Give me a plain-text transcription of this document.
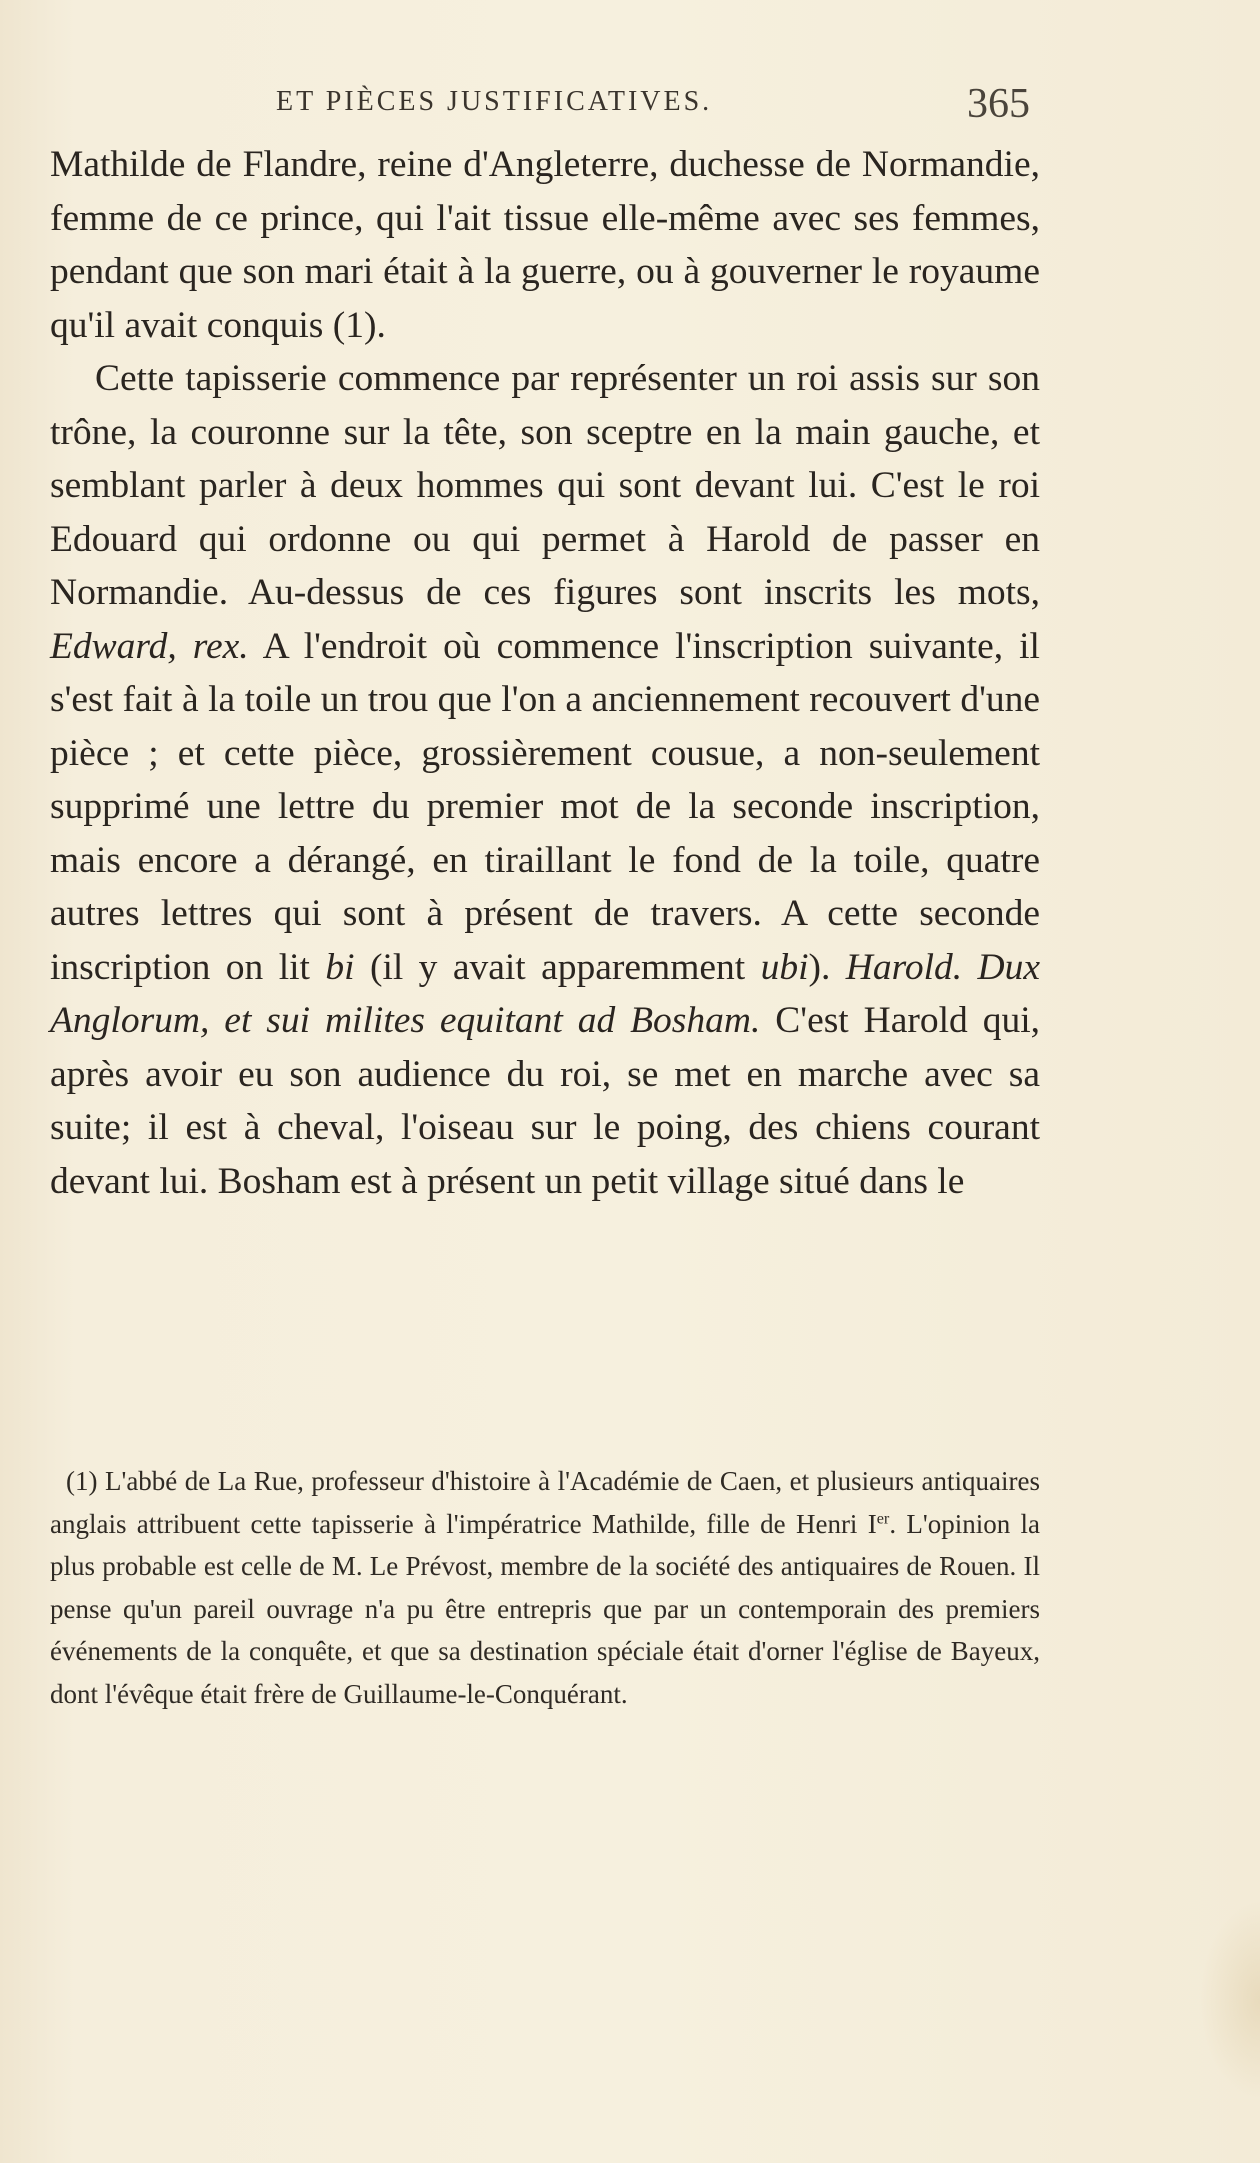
ET PIÈCES JUSTIFICATIVES.	365

Mathilde de Flandre, reine d'Angleterre, duchesse de Normandie, femme de ce prince, qui l'ait tissue elle-même avec ses femmes, pendant que son mari était à la guerre, ou à gouverner le royaume qu'il avait conquis (1).

Cette tapisserie commence par représenter un roi assis sur son trône, la couronne sur la tête, son sceptre en la main gauche, et semblant parler à deux hommes qui sont devant lui. C'est le roi Edouard qui ordonne ou qui permet à Harold de passer en Normandie. Au-dessus de ces figures sont inscrits les mots, Edward, rex. A l'endroit où commence l'inscription suivante, il s'est fait à la toile un trou que l'on a anciennement recouvert d'une pièce ; et cette pièce, grossièrement cousue, a non-seulement supprimé une lettre du premier mot de la seconde inscription, mais encore a dérangé, en tiraillant le fond de la toile, quatre autres lettres qui sont à présent de travers. A cette seconde inscription on lit bi (il y avait apparemment ubi). Harold. Dux Anglorum, et sui milites equitant ad Bosham. C'est Harold qui, après avoir eu son audience du roi, se met en marche avec sa suite; il est à cheval, l'oiseau sur le poing, des chiens courant devant lui. Bosham est à présent un petit village situé dans le

(1) L'abbé de La Rue, professeur d'histoire à l'Académie de Caen, et plusieurs antiquaires anglais attribuent cette tapisserie à l'impératrice Mathilde, fille de Henri Ier. L'opinion la plus probable est celle de M. Le Prévost, membre de la société des antiquaires de Rouen. Il pense qu'un pareil ouvrage n'a pu être entrepris que par un contemporain des premiers événements de la conquête, et que sa destination spéciale était d'orner l'église de Bayeux, dont l'évêque était frère de Guillaume-le-Conquérant.
